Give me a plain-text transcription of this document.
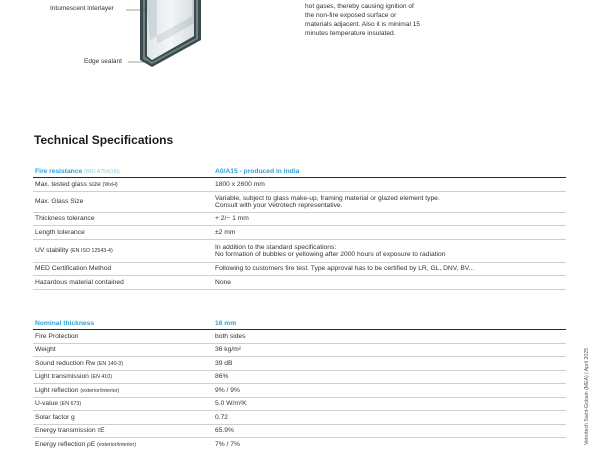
Intumescent interlayer
Edge sealant
hot gases, thereby causing ignition of
the non-fire exposed surface or
materials adjacent. Also it is minimal 15
minutes temperature insulated.
Technical Specifications
Fire resistance (IMO A754(18))	A0/A15 - produced in India
Max. tested glass size (WxH)	1800 x 2600 mm

Max. Glass Size	Variable, subject to glass make-up, framing material or glazed element type.
Consult with your Vetrotech representative.

Thickness tolerance	+ 2/− 1 mm

Length tolerance	±2 mm

UV stability (EN ISO 12543-4)	In addition to the standard specifications:
No formation of bubbles or yellowing after 2000 hours of exposure to radiation

MED Certification Method	Following to customers fire test. Type approval has to be certified by LR, GL, DNV, BV...

Hazardous material contained	None
Nominal thickness	16 mm
Fire Protection	both sides
Weight	36 kg/m²
Sound reduction Rw (EN 140-3)	39 dB
Light transmission (EN 410)	86%
Light reflection (exterior/interior)	9% / 9%
U-value (EN 673)	5.0 W/m²K
Solar factor g	0.72
Energy transmission τE	65.9%
Energy reflection ρE (exterior/interior)	7% / 7%	Vetrotech Saint-Gobain (MEA) | April 2025
